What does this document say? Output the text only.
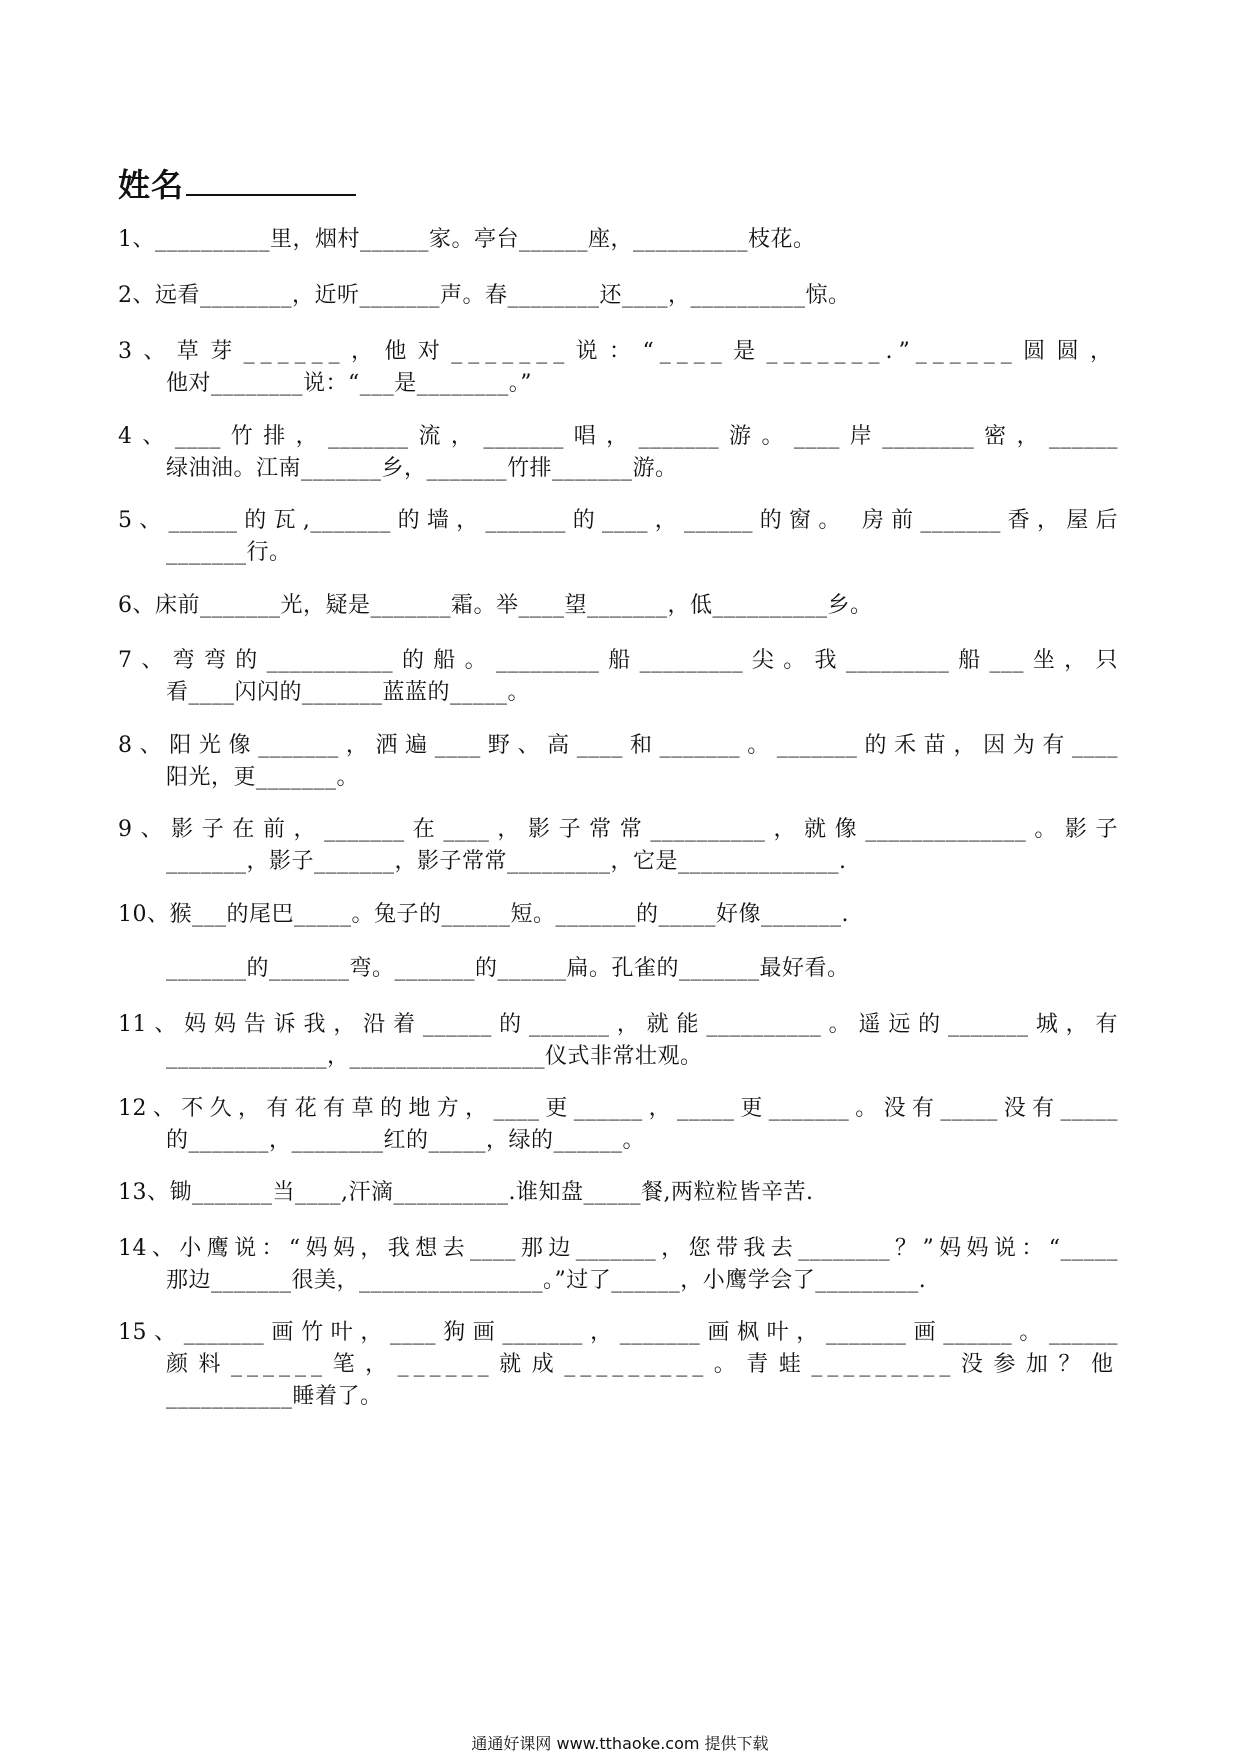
姓名
1、__________里，烟村______家。亭台______座，__________枝花。
2、远看________，近听_______声。春________还____，__________惊。
3、草芽______，他对_______说：“____是_______.”______圆圆，
他对________说：“___是________。”
4、____竹排，_______流，_______唱，_______游。____岸________密，______
绿油油。江南_______乡，_______竹排_______游。
5、______的瓦,_______的墙，_______的____，______的窗。 房前_______香，屋后
_______行。
6、床前_______光，疑是_______霜。举____望_______，低__________乡。
7、弯弯的___________的船。_________船_________尖。我_________船___坐，只
看____闪闪的_______蓝蓝的_____。
8、阳光像_______，洒遍____野、高____和_______。_______的禾苗，因为有____
阳光，更_______。
9、影子在前，_______在____，影子常常__________，就像______________。影子
_______，影子_______，影子常常_________，它是______________.
10、猴___的尾巴_____。兔子的______短。_______的_____好像_______.
_______的_______弯。_______的______扁。孔雀的_______最好看。
11、妈妈告诉我，沿着______的_______，就能__________。遥远的_______城，有
______________，_________________仪式非常壮观。
12、不久，有花有草的地方，____更______，_____更_______。没有_____没有_____
的_______，________红的_____，绿的______。
13、锄_______当____,汗滴__________.谁知盘_____餐,两粒粒皆辛苦.
14、小鹰说：“妈妈，我想去____那边_______，您带我去________？”妈妈说：“_____
那边_______很美，________________。”过了______，小鹰学会了_________.
15、_______画竹叶，____狗画_______，_______画枫叶，_______画______。______
颜料______笔，______就成_________。青蛙_________没参加？他
___________睡着了。
通通好课网 www.tthaoke.com 提供下载
